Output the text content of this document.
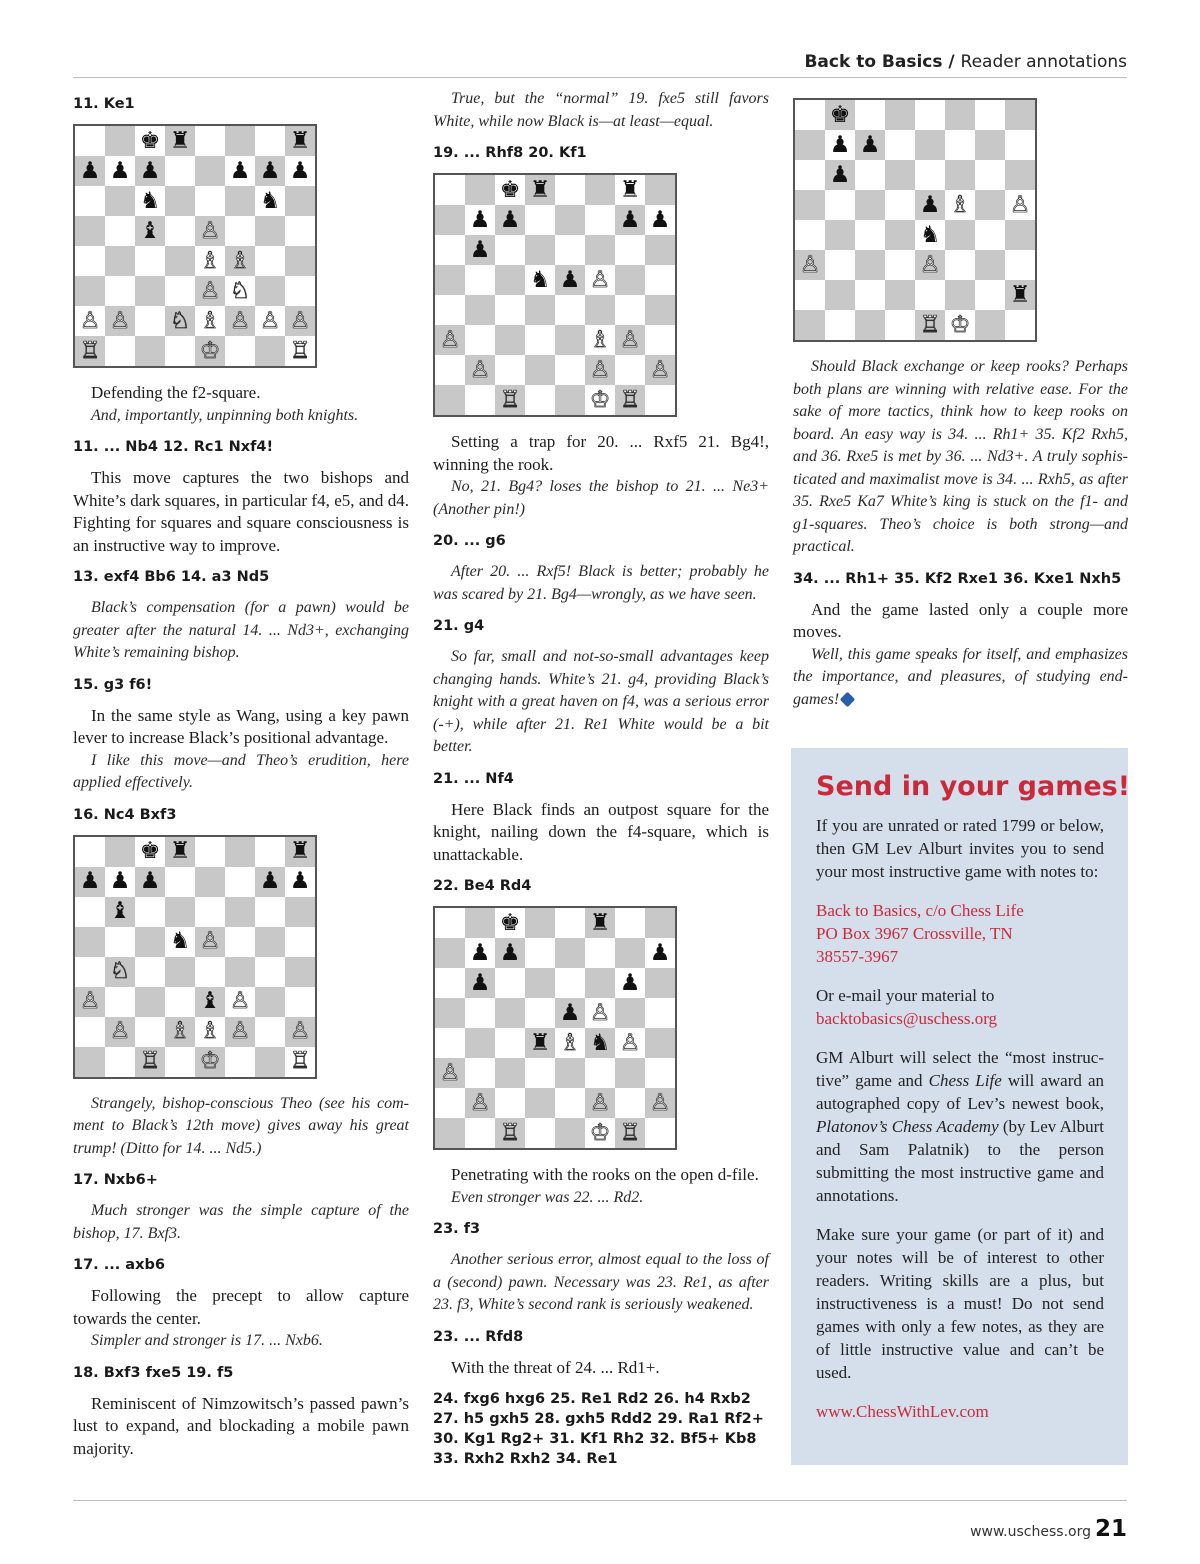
Back to Basics / Reader annotations
11. Ke1
♚ ♜	♜
♟ ♟ ♟	♟ ♟ ♟
♞	♞
♝ ♙
♗ ♗
♙ ♘
♙ ♙ ♘ ♗ ♙ ♙ ♙
♖	♔	♖
Defending the f2-square.
And, importantly, unpinning both knights.
11. ... Nb4 12. Rc1 Nxf4!
This move captures the two bishops and White’s dark squares, in particular f4, e5, and d4. Fighting for squares and square consciousness is an instructive way to improve.
13. exf4 Bb6 14. a3 Nd5
Black’s compensation (for a pawn) would be greater after the natural 14. ... Nd3+, exchanging White’s remaining bishop.
15. g3 f6!
In the same style as Wang, using a key pawn lever to increase Black’s positional advantage.
I like this move—and Theo’s erudition, here applied effectively.
16. Nc4 Bxf3
♚ ♜	♜
♟ ♟ ♟	♟ ♟
♝
♞ ♙
♘
♙	♝ ♙
♙ ♗ ♗ ♙ ♙
♖ ♔	♖
Strangely, bishop-conscious Theo (see his comment to Black’s 12th move) gives away his great trump! (Ditto for 14. ... Nd5.)
17. Nxb6+
Much stronger was the simple capture of the bishop, 17. Bxf3.
17. ... axb6
Following the precept to allow capture towards the center.
Simpler and stronger is 17. ... Nxb6.
18. Bxf3 fxe5 19. f5
Reminiscent of Nimzowitsch’s passed pawn’s lust to expand, and blockading a mobile pawn majority.
True, but the “normal” 19. fxe5 still favors White, while now Black is—at least—equal.
19. ... Rhf8 20. Kf1
♚ ♜	♜
♟ ♟	♟ ♟
♟
♞ ♟ ♙
♙	♗ ♙
♙	♙ ♙
♖	♔ ♖
Setting a trap for 20. ... Rxf5 21. Bg4!, winning the rook.
No, 21. Bg4? loses the bishop to 21. ... Ne3+ (Another pin!)
20. ... g6
After 20. ... Rxf5! Black is better; probably he was scared by 21. Bg4—wrongly, as we have seen.
21. g4
So far, small and not-so-small advantages keep changing hands. White’s 21. g4, providing Black’s knight with a great haven on f4, was a serious error (-+), while after 21. Re1 White would be a bit better.
21. ... Nf4
Here Black finds an outpost square for the knight, nailing down the f4-square, which is unattackable.
22. Be4 Rd4
♚	♜
♟ ♟	♟
♟	♟
♟ ♙
♜ ♗ ♞ ♙
♙
♙	♙ ♙
♖	♔ ♖
Penetrating with the rooks on the open d-file.
Even stronger was 22. ... Rd2.
23. f3
Another serious error, almost equal to the loss of a (second) pawn. Necessary was 23. Re1, as after 23. f3, White’s second rank is seriously weakened.
23. ... Rfd8
With the threat of 24. ... Rd1+.
24. fxg6 hxg6 25. Re1 Rd2 26. h4 Rxb2 27. h5 gxh5 28. gxh5 Rdd2 29. Ra1 Rf2+ 30. Kg1 Rg2+ 31. Kf1 Rh2 32. Bf5+ Kb8 33. Rxh2 Rxh2 34. Re1
♚
♟ ♟
♟
♟ ♗ ♙
♞
♙	♙
♜
♖ ♔
Should Black exchange or keep rooks? Perhaps both plans are winning with relative ease. For the sake of more tactics, think how to keep rooks on board. An easy way is 34. ... Rh1+ 35. Kf2 Rxh5, and 36. Rxe5 is met by 36. ... Nd3+. A truly sophisticated and maximalist move is 34. ... Rxh5, as after 35. Rxe5 Ka7 White’s king is stuck on the f1- and g1-squares. Theo’s choice is both strong—and practical.
34. ... Rh1+ 35. Kf2 Rxe1 36. Kxe1 Nxh5
And the game lasted only a couple more moves.
Well, this game speaks for itself, and emphasizes the importance, and pleasures, of studying endgames!
Send in your games!

If you are unrated or rated 1799 or below, then GM Lev Alburt invites you to send your most instructive game with notes to:

Back to Basics, c/o Chess Life
PO Box 3967 Crossville, TN
38557-3967

Or e-mail your material to
backtobasics@uschess.org

GM Alburt will select the “most instructive” game and Chess Life will award an autographed copy of Lev’s newest book, Platonov’s Chess Academy (by Lev Alburt and Sam Palatnik) to the person submitting the most instructive game and annotations.

Make sure your game (or part of it) and your notes will be of interest to other readers. Writing skills are a plus, but instructiveness is a must! Do not send games with only a few notes, as they are of little instructive value and can’t be used.

www.ChessWithLev.com

www.uschess.org 21
